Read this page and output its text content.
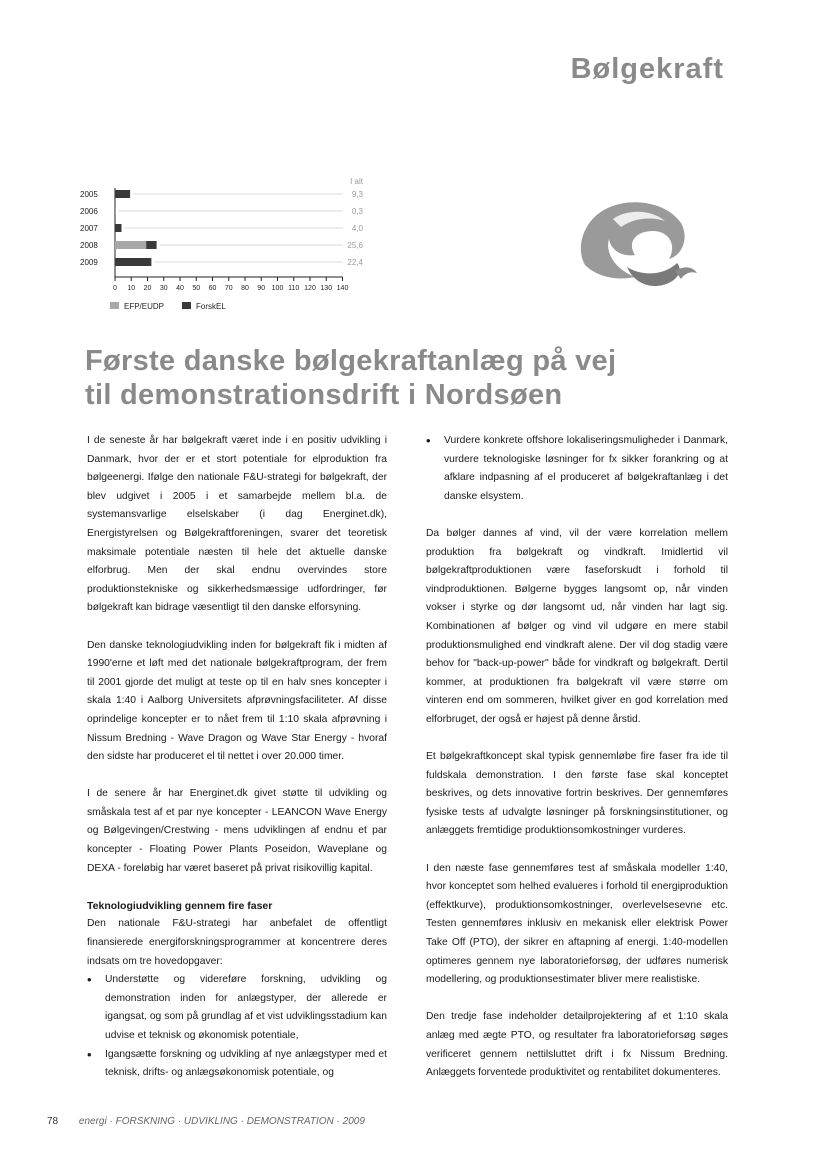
Bølgekraft
I alt
2005	9,3
2006	0,3
2007	4,0
2008	25,6
2009	22,4
0 10 20 30 40 50 60 70 80 90 100 110 120 130 140
EFP/EUDP	ForskEL
Første danske bølgekraftanlæg på vej
til demonstrationsdrift i Nordsøen

I de seneste år har bølgekraft været inde i en positiv udvikling i Danmark, hvor der er et stort potentiale for elproduktion fra bølgeenergi. Ifølge den nationale F&U-strategi for bølgekraft, der blev udgivet i 2005 i et samarbejde mellem bl.a. de systemansvarlige elselskaber (i dag Energinet.dk), Energistyrelsen og Bølgekraftforeningen, svarer det teoretisk maksimale potentiale næsten til hele det aktuelle danske elforbrug. Men der skal endnu overvindes store produktionstekniske og sikkerhedsmæssige udfordringer, før bølgekraft kan bidrage væsentligt til den danske elforsyning.

Den danske teknologiudvikling inden for bølgekraft fik i midten af 1990'erne et løft med det nationale bølgekraftprogram, der frem til 2001 gjorde det muligt at teste op til en halv snes koncepter i skala 1:40 i Aalborg Universitets afprøvningsfaciliteter. Af disse oprindelige koncepter er to nået frem til 1:10 skala afprøvning i Nissum Bredning - Wave Dragon og Wave Star Energy - hvoraf den sidste har produceret el til nettet i over 20.000 timer.

I de senere år har Energinet.dk givet støtte til udvikling og småskala test af et par nye koncepter - LEANCON Wave Energy og Bølgevingen/Crestwing - mens udviklingen af endnu et par koncepter - Floating Power Plants Poseidon, Waveplane og DEXA - foreløbig har været baseret på privat risikovillig kapital.

Teknologiudvikling gennem fire faser

Den nationale F&U-strategi har anbefalet de offentligt finansierede energiforskningsprogrammer at koncentrere deres indsats om tre hovedopgaver:

• Understøtte og videreføre forskning, udvikling og demonstration inden for anlægstyper, der allerede er igangsat, og som på grundlag af et vist udviklingsstadium kan udvise et teknisk og økonomisk potentiale,
• Igangsætte forskning og udvikling af nye anlægstyper med et teknisk, drifts- og anlægsøkonomisk potentiale, og
• Vurdere konkrete offshore lokaliseringsmuligheder i Danmark, vurdere teknologiske løsninger for fx sikker forankring og at afklare indpasning af el produceret af bølgekraftanlæg i det danske elsystem.

Da bølger dannes af vind, vil der være korrelation mellem produktion fra bølgekraft og vindkraft. Imidlertid vil bølgekraftproduktionen være faseforskudt i forhold til vindproduktionen. Bølgerne bygges langsomt op, når vinden vokser i styrke og dør langsomt ud, når vinden har lagt sig. Kombinationen af bølger og vind vil udgøre en mere stabil produktionsmulighed end vindkraft alene. Der vil dog stadig være behov for "back-up-power" både for vindkraft og bølgekraft. Dertil kommer, at produktionen fra bølgekraft vil være større om vinteren end om sommeren, hvilket giver en god korrelation med elforbruget, der også er højest på denne årstid.

Et bølgekraftkoncept skal typisk gennemløbe fire faser fra ide til fuldskala demonstration. I den første fase skal konceptet beskrives, og dets innovative fortrin beskrives. Der gennemføres fysiske tests af udvalgte løsninger på forskningsinstitutioner, og anlæggets fremtidige produktionsomkostninger vurderes.

I den næste fase gennemføres test af småskala modeller 1:40, hvor konceptet som helhed evalueres i forhold til energiproduktion (effektkurve), produktionsomkostninger, overlevelsesevne etc. Testen gennemføres inklusiv en mekanisk eller elektrisk Power Take Off (PTO), der sikrer en aftapning af energi. 1:40-modellen optimeres gennem nye laboratorieforsøg, der udføres numerisk modellering, og produktionsestimater bliver mere realistiske.

Den tredje fase indeholder detailprojektering af et 1:10 skala anlæg med ægte PTO, og resultater fra laboratorieforsøg søges verificeret gennem nettilsluttet drift i fx Nissum Bredning. Anlæggets forventede produktivitet og rentabilitet dokumenteres.

78 energi · FORSKNING · UDVIKLING · DEMONSTRATION · 2009
